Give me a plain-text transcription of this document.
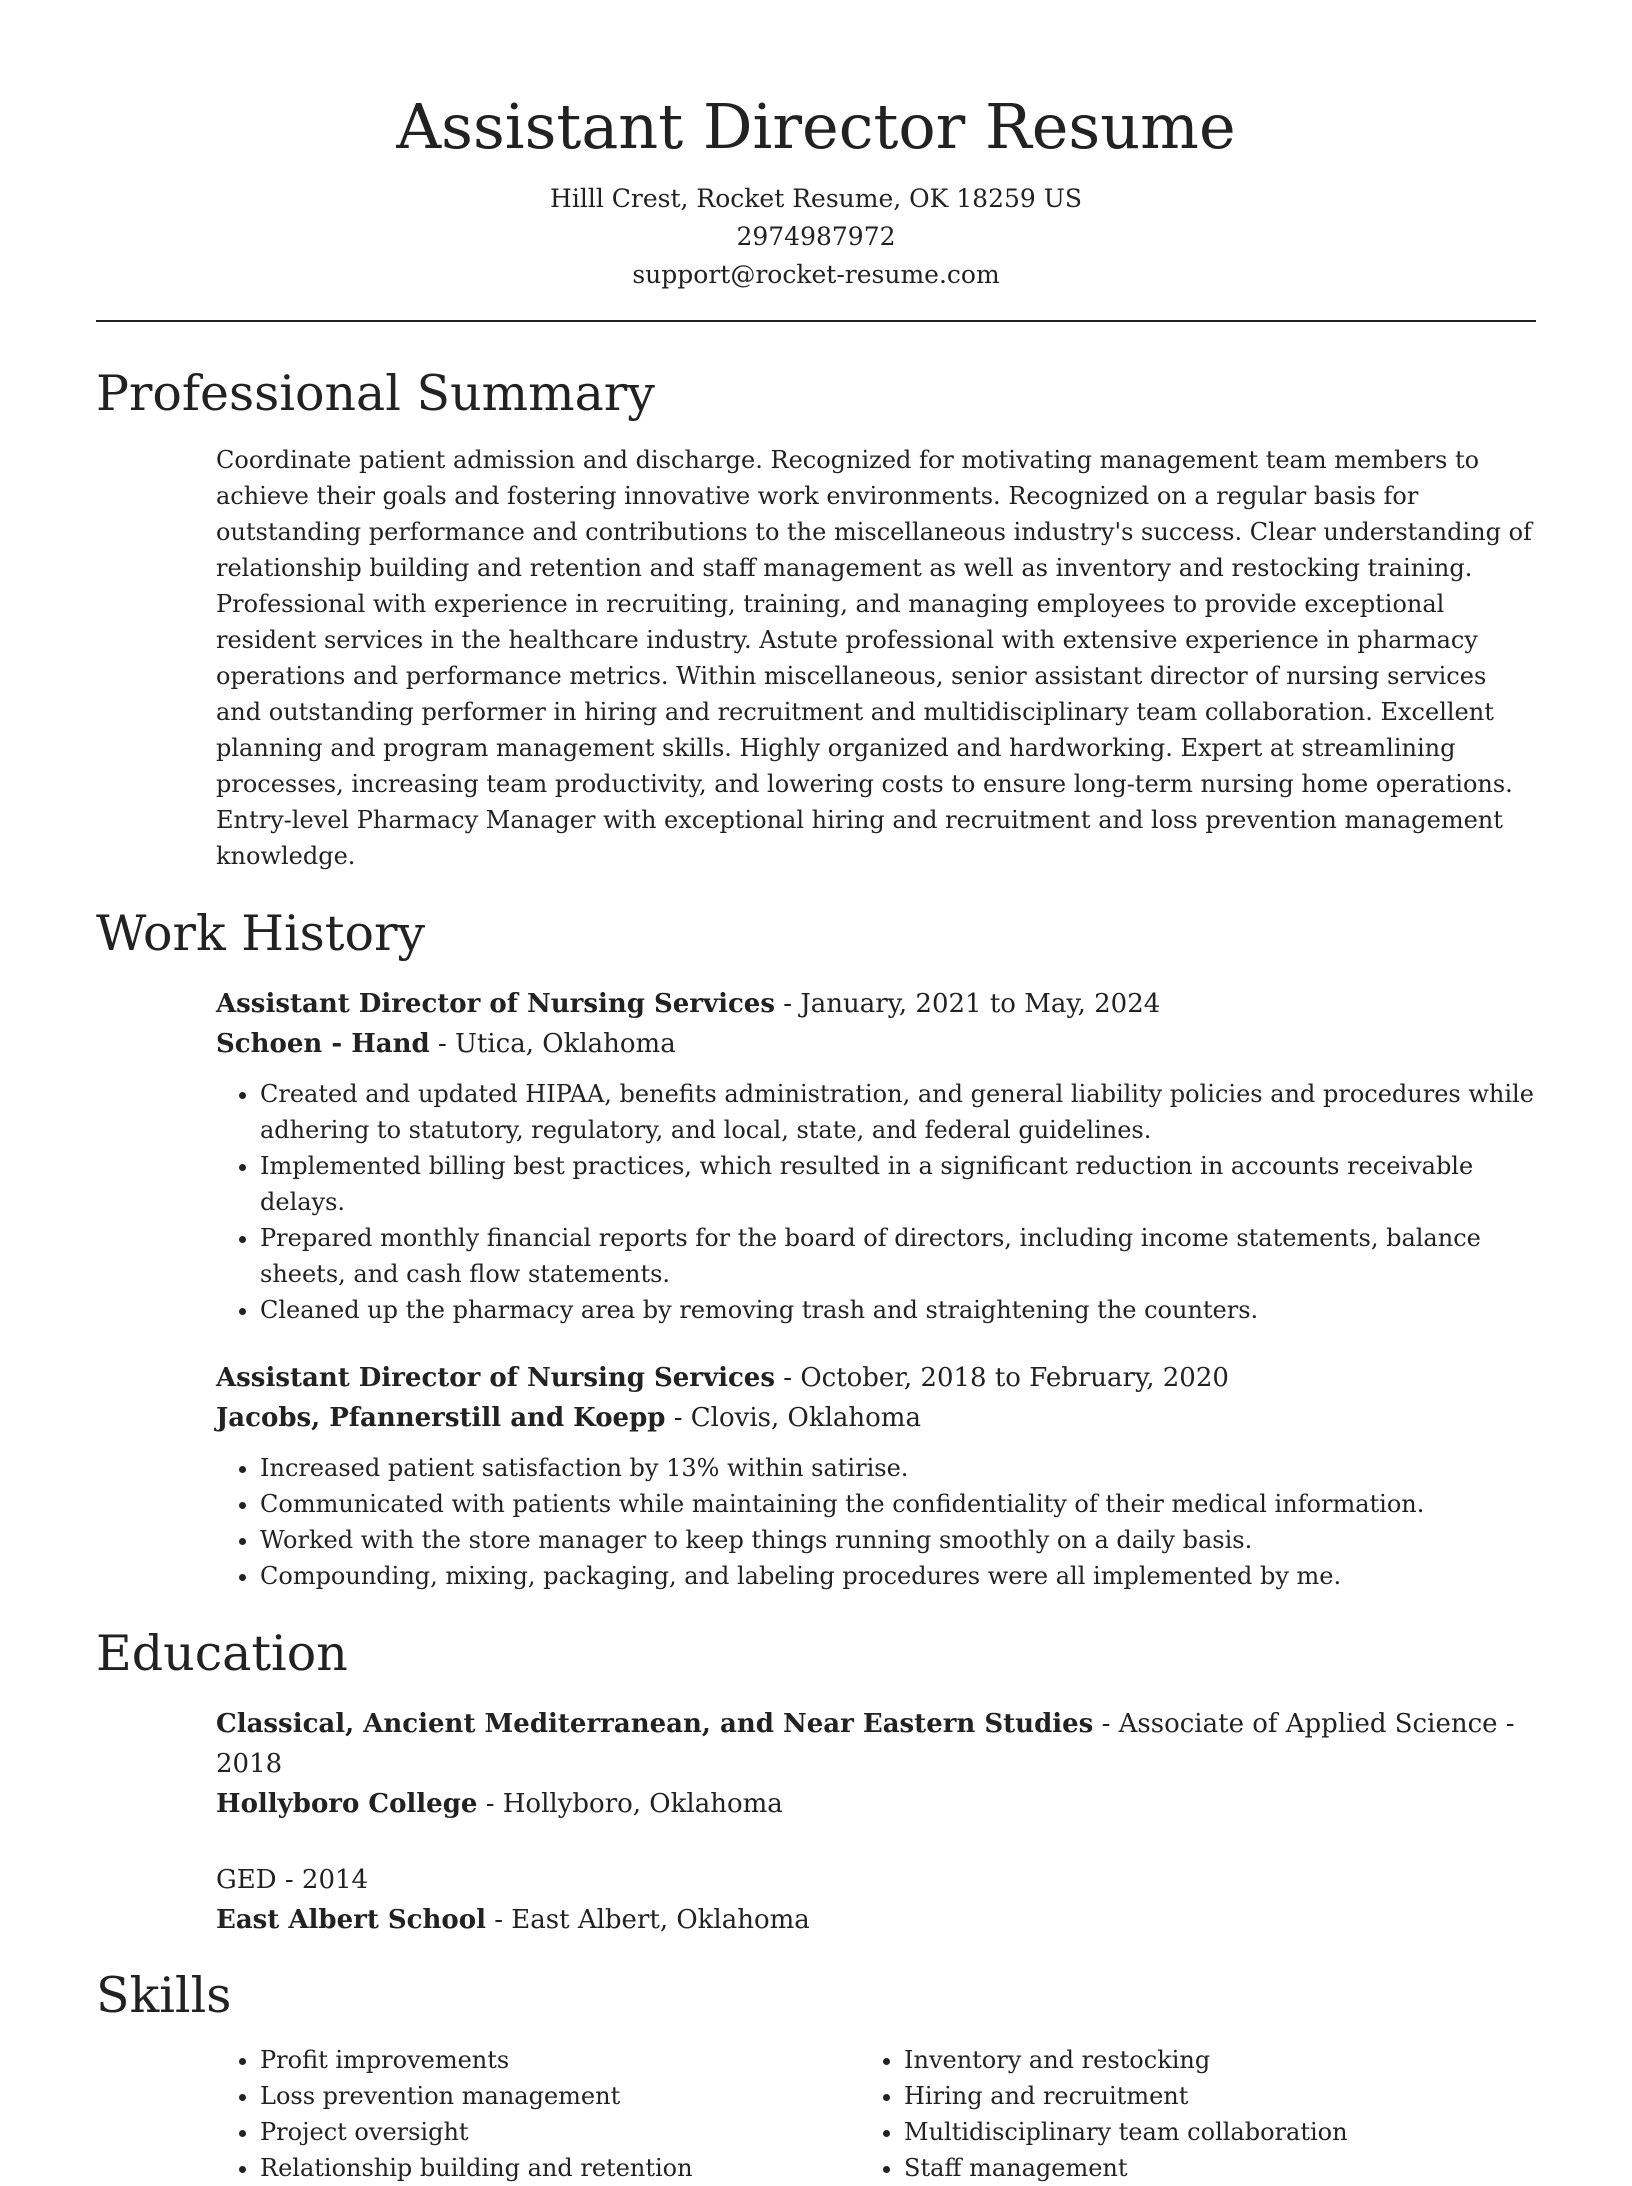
Assistant Director Resume
Hilll Crest, Rocket Resume, OK 18259 US
2974987972
support@rocket-resume.com
Professional Summary
Coordinate patient admission and discharge. Recognized for motivating management team members to achieve their goals and fostering innovative work environments. Recognized on a regular basis for outstanding performance and contributions to the miscellaneous industry's success. Clear understanding of relationship building and retention and staff management as well as inventory and restocking training. Professional with experience in recruiting, training, and managing employees to provide exceptional resident services in the healthcare industry. Astute professional with extensive experience in pharmacy operations and performance metrics. Within miscellaneous, senior assistant director of nursing services and outstanding performer in hiring and recruitment and multidisciplinary team collaboration. Excellent planning and program management skills. Highly organized and hardworking. Expert at streamlining processes, increasing team productivity, and lowering costs to ensure long-term nursing home operations. Entry-level Pharmacy Manager with exceptional hiring and recruitment and loss prevention management knowledge.
Work History
Assistant Director of Nursing Services - January, 2021 to May, 2024
Schoen - Hand - Utica, Oklahoma
• Created and updated HIPAA, benefits administration, and general liability policies and procedures while adhering to statutory, regulatory, and local, state, and federal guidelines.
• Implemented billing best practices, which resulted in a significant reduction in accounts receivable delays.
• Prepared monthly financial reports for the board of directors, including income statements, balance sheets, and cash flow statements.
• Cleaned up the pharmacy area by removing trash and straightening the counters.
Assistant Director of Nursing Services - October, 2018 to February, 2020
Jacobs, Pfannerstill and Koepp - Clovis, Oklahoma
• Increased patient satisfaction by 13% within satirise.
• Communicated with patients while maintaining the confidentiality of their medical information.
• Worked with the store manager to keep things running smoothly on a daily basis.
• Compounding, mixing, packaging, and labeling procedures were all implemented by me.
Education
Classical, Ancient Mediterranean, and Near Eastern Studies - Associate of Applied Science - 2018
Hollyboro College - Hollyboro, Oklahoma
GED - 2014
East Albert School - East Albert, Oklahoma
Skills
• Profit improvements
• Loss prevention management
• Project oversight
• Relationship building and retention
• Inventory and restocking
• Hiring and recruitment
• Multidisciplinary team collaboration
• Staff management
